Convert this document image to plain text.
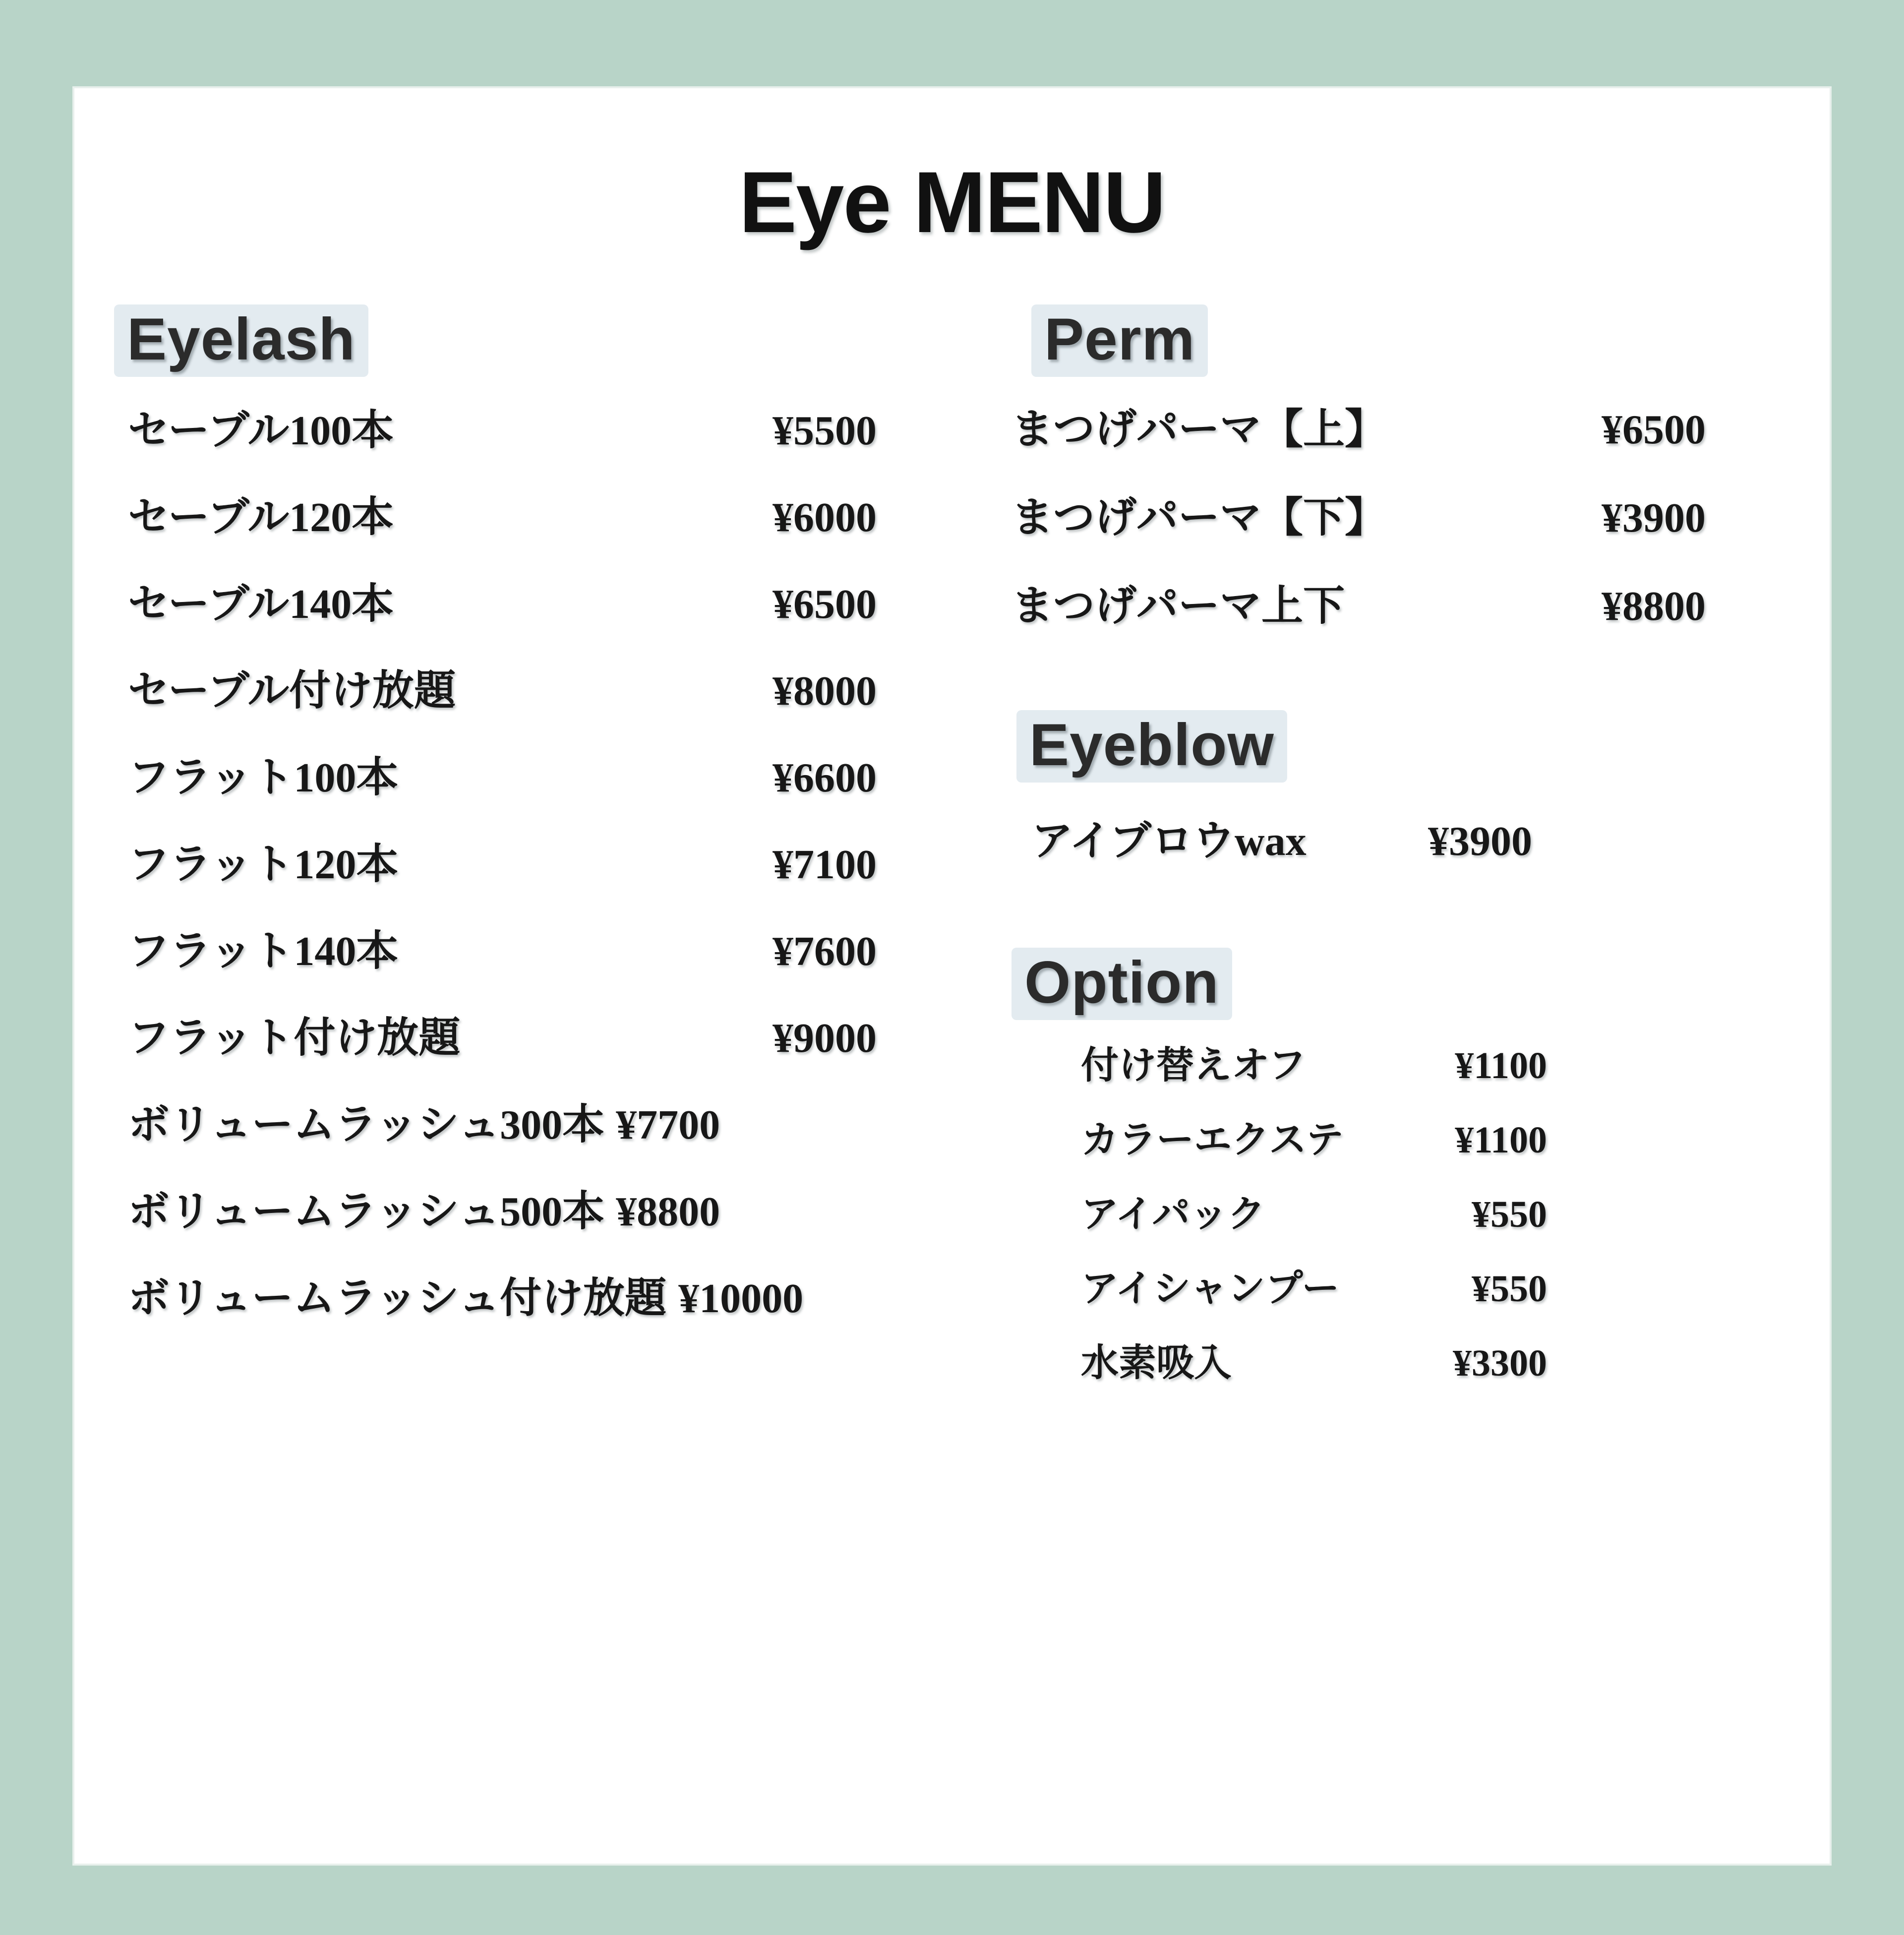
Eye MENU
Eyelash
セーブル100本	¥5500
セーブル120本	¥6000
セーブル140本	¥6500
セーブル付け放題	¥8000
フラット100本	¥6600
フラット120本	¥7100
フラット140本	¥7600
フラット付け放題	¥9000
ボリュームラッシュ300本 ¥7700
ボリュームラッシュ500本 ¥8800
ボリュームラッシュ付け放題 ¥10000
Perm
まつげパーマ【上】	¥6500
まつげパーマ【下】	¥3900
まつげパーマ上下	¥8800
Eyeblow
アイブロウwax	¥3900
Option
付け替えオフ	¥1100
カラーエクステ	¥1100
アイパック	¥550
アイシャンプー	¥550
水素吸入	¥3300
